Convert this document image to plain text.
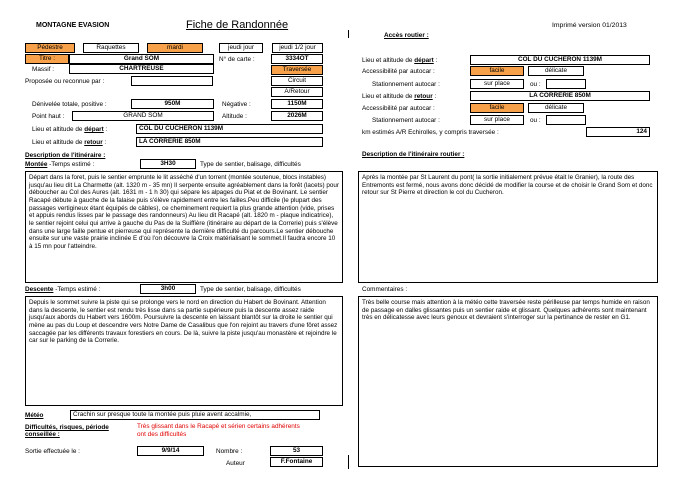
MONTAGNE EVASION	Fiche de Randonnée	Imprimé version 01/2013
Pédestre	Raquettes	mardi	jeudi jour	jeudi 1/2 jour
Titre :	Grand SOM	N° de carte :	3334OT
Massif :	CHARTREUSE	Traversée
Proposée ou reconnue par :	Circuit
A/Retour
Dénivelée totale, positive :	950M	Négative :	1150M
Point haut :	GRAND SOM	Altitude :	2026M
Lieu et altitude de départ :	COL DU CUCHERON 1139M
Lieu et altitude de retour :	LA CORRERIE 850M
Description de l'itinéraire :
Montée -Temps estimé :	3H30	Type de sentier, balisage, difficultés
Départ dans la foret, puis le sentier emprunte le lit asséché d'un torrent (montée soutenue, blocs instables) jusqu'au lieu dit La Charmette (alt. 1320 m - 35 mn) Il serpente ensuite agréablement dans la forêt (lacets) pour déboucher au Col des Aures (alt. 1631 m - 1 h 30) qui sépare les alpages du Piat et de Bovinant. Le sentier Racapé débute à gauche de la falaise puis s'élève rapidement entre les failles.Peu difficile (le plupart des passages vertigineux étant équipés de câbles), ce cheminement requiert la plus grande attention (vide, prises et appuis rendus lisses par le passage des randonneurs) Au lieu dit Racapé (alt. 1820 m - plaque indicatrice), le sentier rejoint celui qui arrive à gauche du Pas de la Suiffière (itinéraire au départ de la Correrie) puis s'élève dans une large faille pentue et pierreuse qui représente la dernière difficulté du parcours.Le sentier débouche ensuite sur une vaste prairie inclinée E d'où l'on découvre la Croix matérialisant le sommet.Il faudra encore 10 à 15 mn pour l'atteindre.
Descente -Temps estimé :	3h00	Type de sentier, balisage, difficultés
Depuis le sommet suivre la piste qui se prolonge vers le nord en direction du Habert de Bovinant. Attention dans la descente, le sentier est rendu très lisse dans sa partie supérieure puis la descente assez raide jusqu'aux abords du Habert vers 1600m. Poursuivre la descente en laissant blantôt sur la droite le sentier qui mène au pas du Loup et descendre vers Notre Dame de Casalibus que l'on rejoint au travers d'une fôret assez saccagée par les différents travaux forestiers en cours. De là, suivre la piste jusqu'au monastère et rejoindre le car sur le parking de la Correrie.
Météo	Crachin sur presque toute la montée puis pluie avent accalmie,
Difficultés, risques, période conseillée :
Très glissant dans le Racapé et sérien certains adhérents ont des difficultés
Sortie effectuée le :	9/9/14	Nombre :	53
Auteur	F.Fontaine
Accès routier :
Lieu et altitude de départ :	COL DU CUCHERON 1139M
Accessibilité par autocar :	facile	délicate
Stationnement autocar :	sur place	ou :
Lieu et altitude de retour :	LA CORRERIE 850M
Accessibilité par autocar :	facile	délicate
Stationnement autocar :	sur place	ou :
km estimés A/R Echirolles, y compris traversée :	124
Description de l'itinéraire routier :
Après la montée par St Laurent du pont( la sortie initialement prévue était le Granier), la route des Entremonts est fermé, nous avons donc décidé de modifier la course et de choisir le Grand Som et donc retour sur St Pierre et direction le col du Cucheron.
Commentaires :
Très belle course mais attention à la météo cette traversée reste périlleuse par temps humide en raison de passage en dalles glissantes puis un sentier raide et glissant. Quelques adhérents sont maintenant très en délicatesse avec leurs genoux et devraient s'interroger sur la pertinance de rester en G1.
